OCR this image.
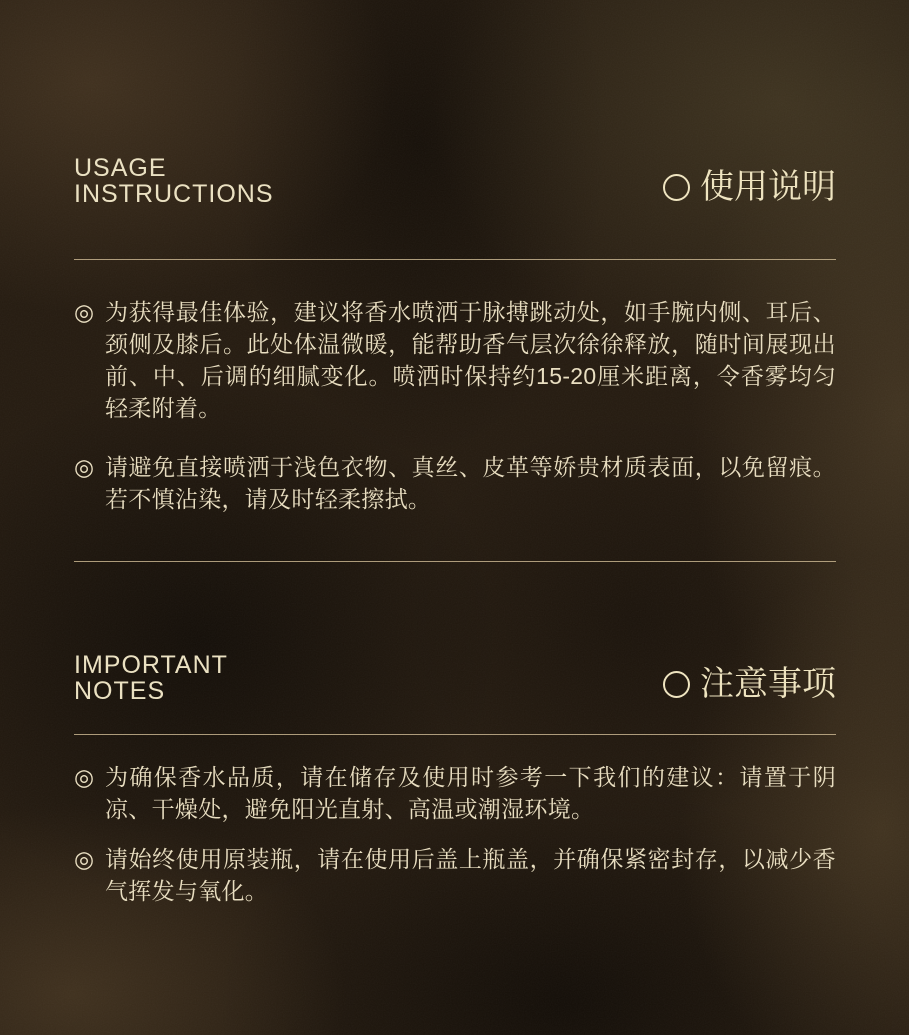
USAGE
INSTRUCTIONS	使用说明
◎ 为获得最佳体验，建议将香水喷洒于脉搏跳动处，如手腕内侧、耳后、颈侧及膝后。此处体温微暖，能帮助香气层次徐徐释放，随时间展现出前、中、后调的细腻变化。喷洒时保持约15-20厘米距离，令香雾均匀轻柔附着。

◎ 请避免直接喷洒于浅色衣物、真丝、皮革等娇贵材质表面，以免留痕。若不慎沾染，请及时轻柔擦拭。

IMPORTANT
NOTES	注意事项
◎ 为确保香水品质，请在储存及使用时参考一下我们的建议：请置于阴凉、干燥处，避免阳光直射、高温或潮湿环境。

◎ 请始终使用原装瓶，请在使用后盖上瓶盖，并确保紧密封存，以减少香气挥发与氧化。
